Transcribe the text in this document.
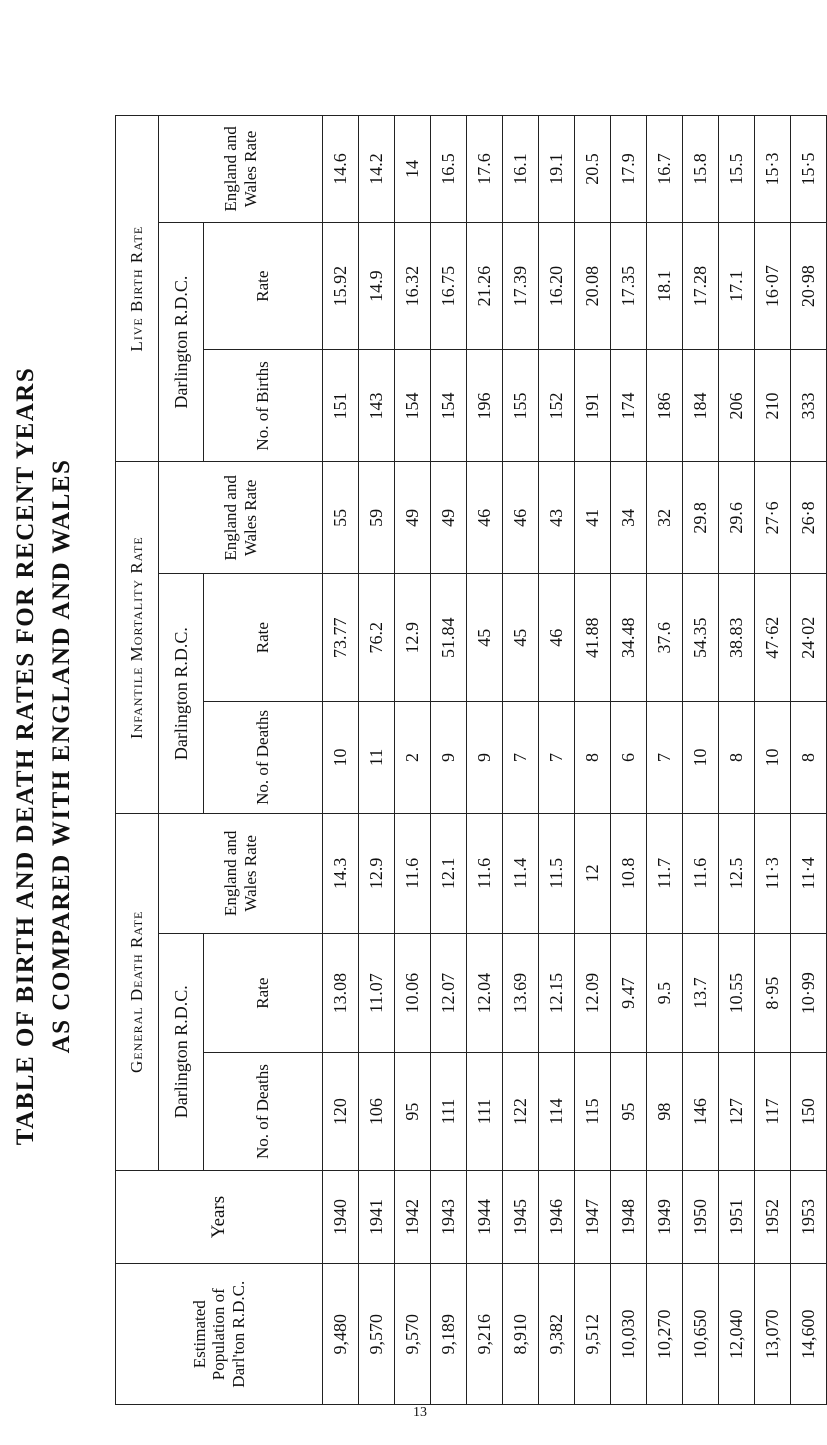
TABLE OF BIRTH AND DEATH RATES FOR RECENT YEARS AS COMPARED WITH ENGLAND AND WALES
Estimated Population of Darl'ton R.D.C.	Years	General Death Rate			Infantile Mortality Rate			Live Birth Rate		
		Darlington R.D.C.		England and Wales Rate	Darlington R.D.C.		England and Wales Rate	Darlington R.D.C.		England and Wales Rate
		No. of Deaths	Rate		No. of Deaths	Rate		No. of Births	Rate	
9,480	1940	120	13.08	14.3	10	73.77	55	151	15.92	14.6
9,570	1941	106	11.07	12.9	11	76.2	59	143	14.9	14.2
9,570	1942	95	10.06	11.6	2	12.9	49	154	16.32	14
9,189	1943	111	12.07	12.1	9	51.84	49	154	16.75	16.5
9,216	1944	111	12.04	11.6	9	45	46	196	21.26	17.6
8,910	1945	122	13.69	11.4	7	45	46	155	17.39	16.1
9,382	1946	114	12.15	11.5	7	46	43	152	16.20	19.1
9,512	1947	115	12.09	12	8	41.88	41	191	20.08	20.5
10,030	1948	95	9.47	10.8	6	34.48	34	174	17.35	17.9
10,270	1949	98	9.5	11.7	7	37.6	32	186	18.1	16.7
10,650	1950	146	13.7	11.6	10	54.35	29.8	184	17.28	15.8
12,040	1951	127	10.55	12.5	8	38.83	29.6	206	17.1	15.5
13,070	1952	117	8·95	11·3	10	47·62	27·6	210	16·07	15·3
14,600	1953	150	10·99	11·4	8	24·02	26·8	333	20·98	15·5
13
